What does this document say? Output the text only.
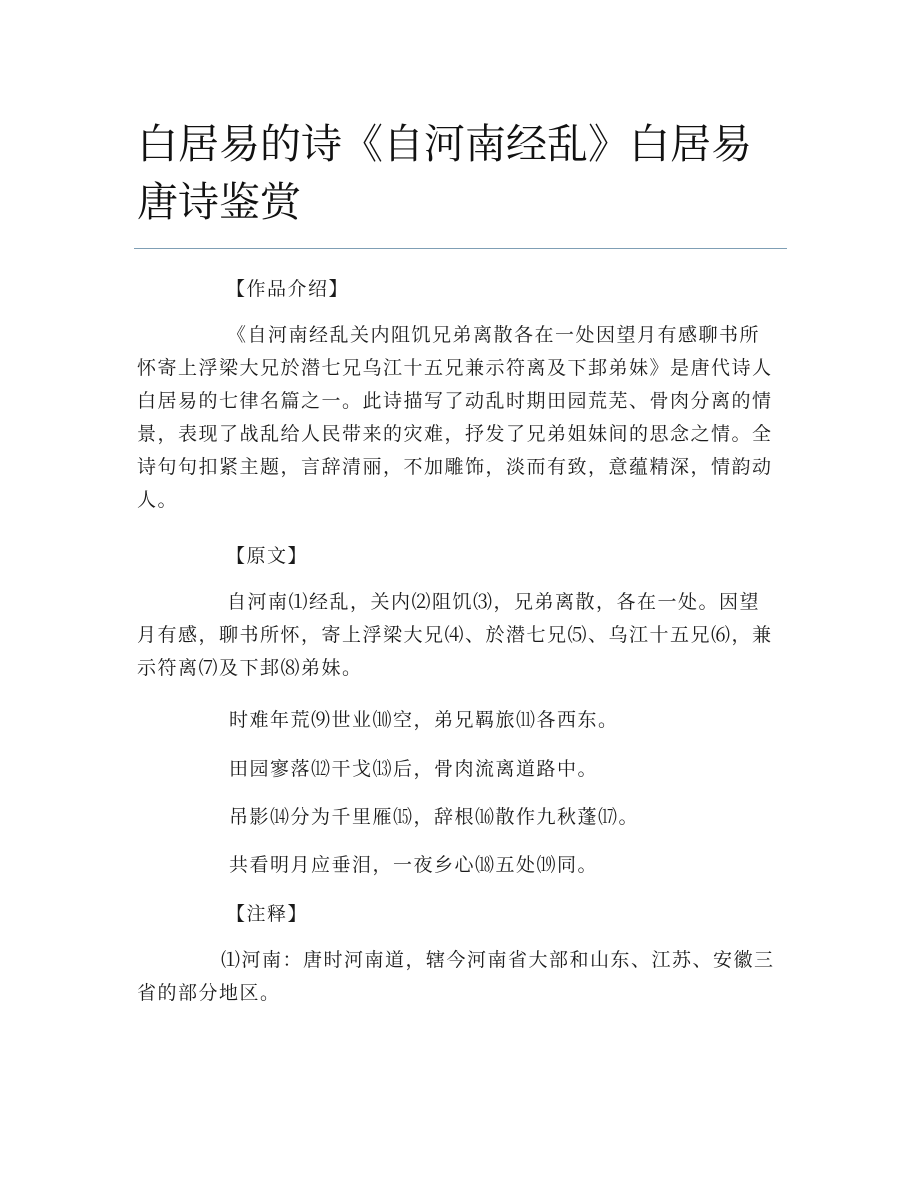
白居易的诗《自河南经乱》白居易唐诗鉴赏

【作品介绍】

《自河南经乱关内阻饥兄弟离散各在一处因望月有感聊书所怀寄上浮梁大兄於潜七兄乌江十五兄兼示符离及下邽弟妹》是唐代诗人白居易的七律名篇之一。此诗描写了动乱时期田园荒芜、骨肉分离的情景，表现了战乱给人民带来的灾难，抒发了兄弟姐妹间的思念之情。全诗句句扣紧主题，言辞清丽，不加雕饰，淡而有致，意蕴精深，情韵动人。

【原文】

自河南⑴经乱，关内⑵阻饥⑶，兄弟离散，各在一处。因望月有感，聊书所怀，寄上浮梁大兄⑷、於潜七兄⑸、乌江十五兄⑹，兼示符离⑺及下邽⑻弟妹。

时难年荒⑼世业⑽空，弟兄羁旅⑾各西东。

田园寥落⑿干戈⒀后，骨肉流离道路中。

吊影⒁分为千里雁⒂，辞根⒃散作九秋蓬⒄。

共看明月应垂泪，一夜乡心⒅五处⒆同。

【注释】

⑴河南：唐时河南道，辖今河南省大部和山东、江苏、安徽三省的部分地区。
